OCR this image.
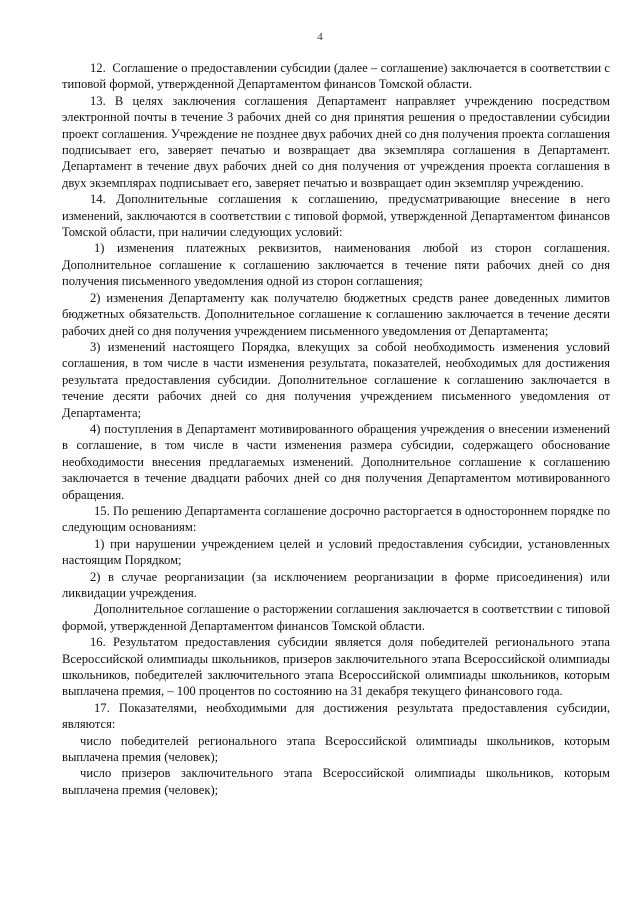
4

12.  Соглашение о предоставлении субсидии (далее – соглашение) заключается в соответствии с типовой формой, утвержденной Департаментом финансов Томской области.

13. В целях заключения соглашения Департамент направляет учреждению посредством электронной почты в течение 3 рабочих дней со дня принятия решения о предоставлении субсидии проект соглашения. Учреждение не позднее двух рабочих дней со дня получения проекта соглашения подписывает его, заверяет печатью и возвращает два экземпляра соглашения в Департамент. Департамент в течение двух рабочих дней со дня получения от учреждения проекта соглашения в двух экземплярах подписывает его, заверяет печатью и возвращает один экземпляр учреждению.

14. Дополнительные соглашения к соглашению, предусматривающие внесение в него изменений, заключаются в соответствии с типовой формой, утвержденной Департаментом финансов Томской области, при наличии следующих условий:

1) изменения платежных реквизитов, наименования любой из сторон соглашения. Дополнительное соглашение к соглашению заключается в течение пяти рабочих дней со дня получения письменного уведомления одной из сторон соглашения;

2) изменения Департаменту как получателю бюджетных средств ранее доведенных лимитов бюджетных обязательств. Дополнительное соглашение к соглашению заключается в течение десяти рабочих дней со дня получения учреждением письменного уведомления от Департамента;

3) изменений настоящего Порядка, влекущих за собой необходимость изменения условий соглашения, в том числе в части изменения результата, показателей, необходимых для достижения результата предоставления субсидии. Дополнительное соглашение к соглашению заключается в течение десяти рабочих дней со дня получения учреждением письменного уведомления от Департамента;

4) поступления в Департамент мотивированного обращения учреждения о внесении изменений в соглашение, в том числе в части изменения размера субсидии, содержащего обоснование необходимости внесения предлагаемых изменений. Дополнительное соглашение к соглашению заключается в течение двадцати рабочих дней со дня получения Департаментом мотивированного обращения.

15. По решению Департамента соглашение досрочно расторгается в одностороннем порядке по следующим основаниям:

1) при нарушении учреждением целей и условий предоставления субсидии, установленных настоящим Порядком;

2) в случае реорганизации (за исключением реорганизации в форме присоединения) или ликвидации учреждения.

Дополнительное соглашение о расторжении соглашения заключается в соответствии с типовой формой, утвержденной Департаментом финансов Томской области.

16. Результатом предоставления субсидии является доля победителей регионального этапа Всероссийской олимпиады школьников, призеров заключительного этапа Всероссийской олимпиады школьников, победителей заключительного этапа Всероссийской олимпиады школьников, которым выплачена премия, – 100 процентов по состоянию на 31 декабря текущего финансового года.

17. Показателями, необходимыми для достижения результата предоставления субсидии, являются:

число победителей регионального этапа Всероссийской олимпиады школьников, которым выплачена премия (человек);

число призеров заключительного этапа Всероссийской олимпиады школьников, которым выплачена премия (человек);
